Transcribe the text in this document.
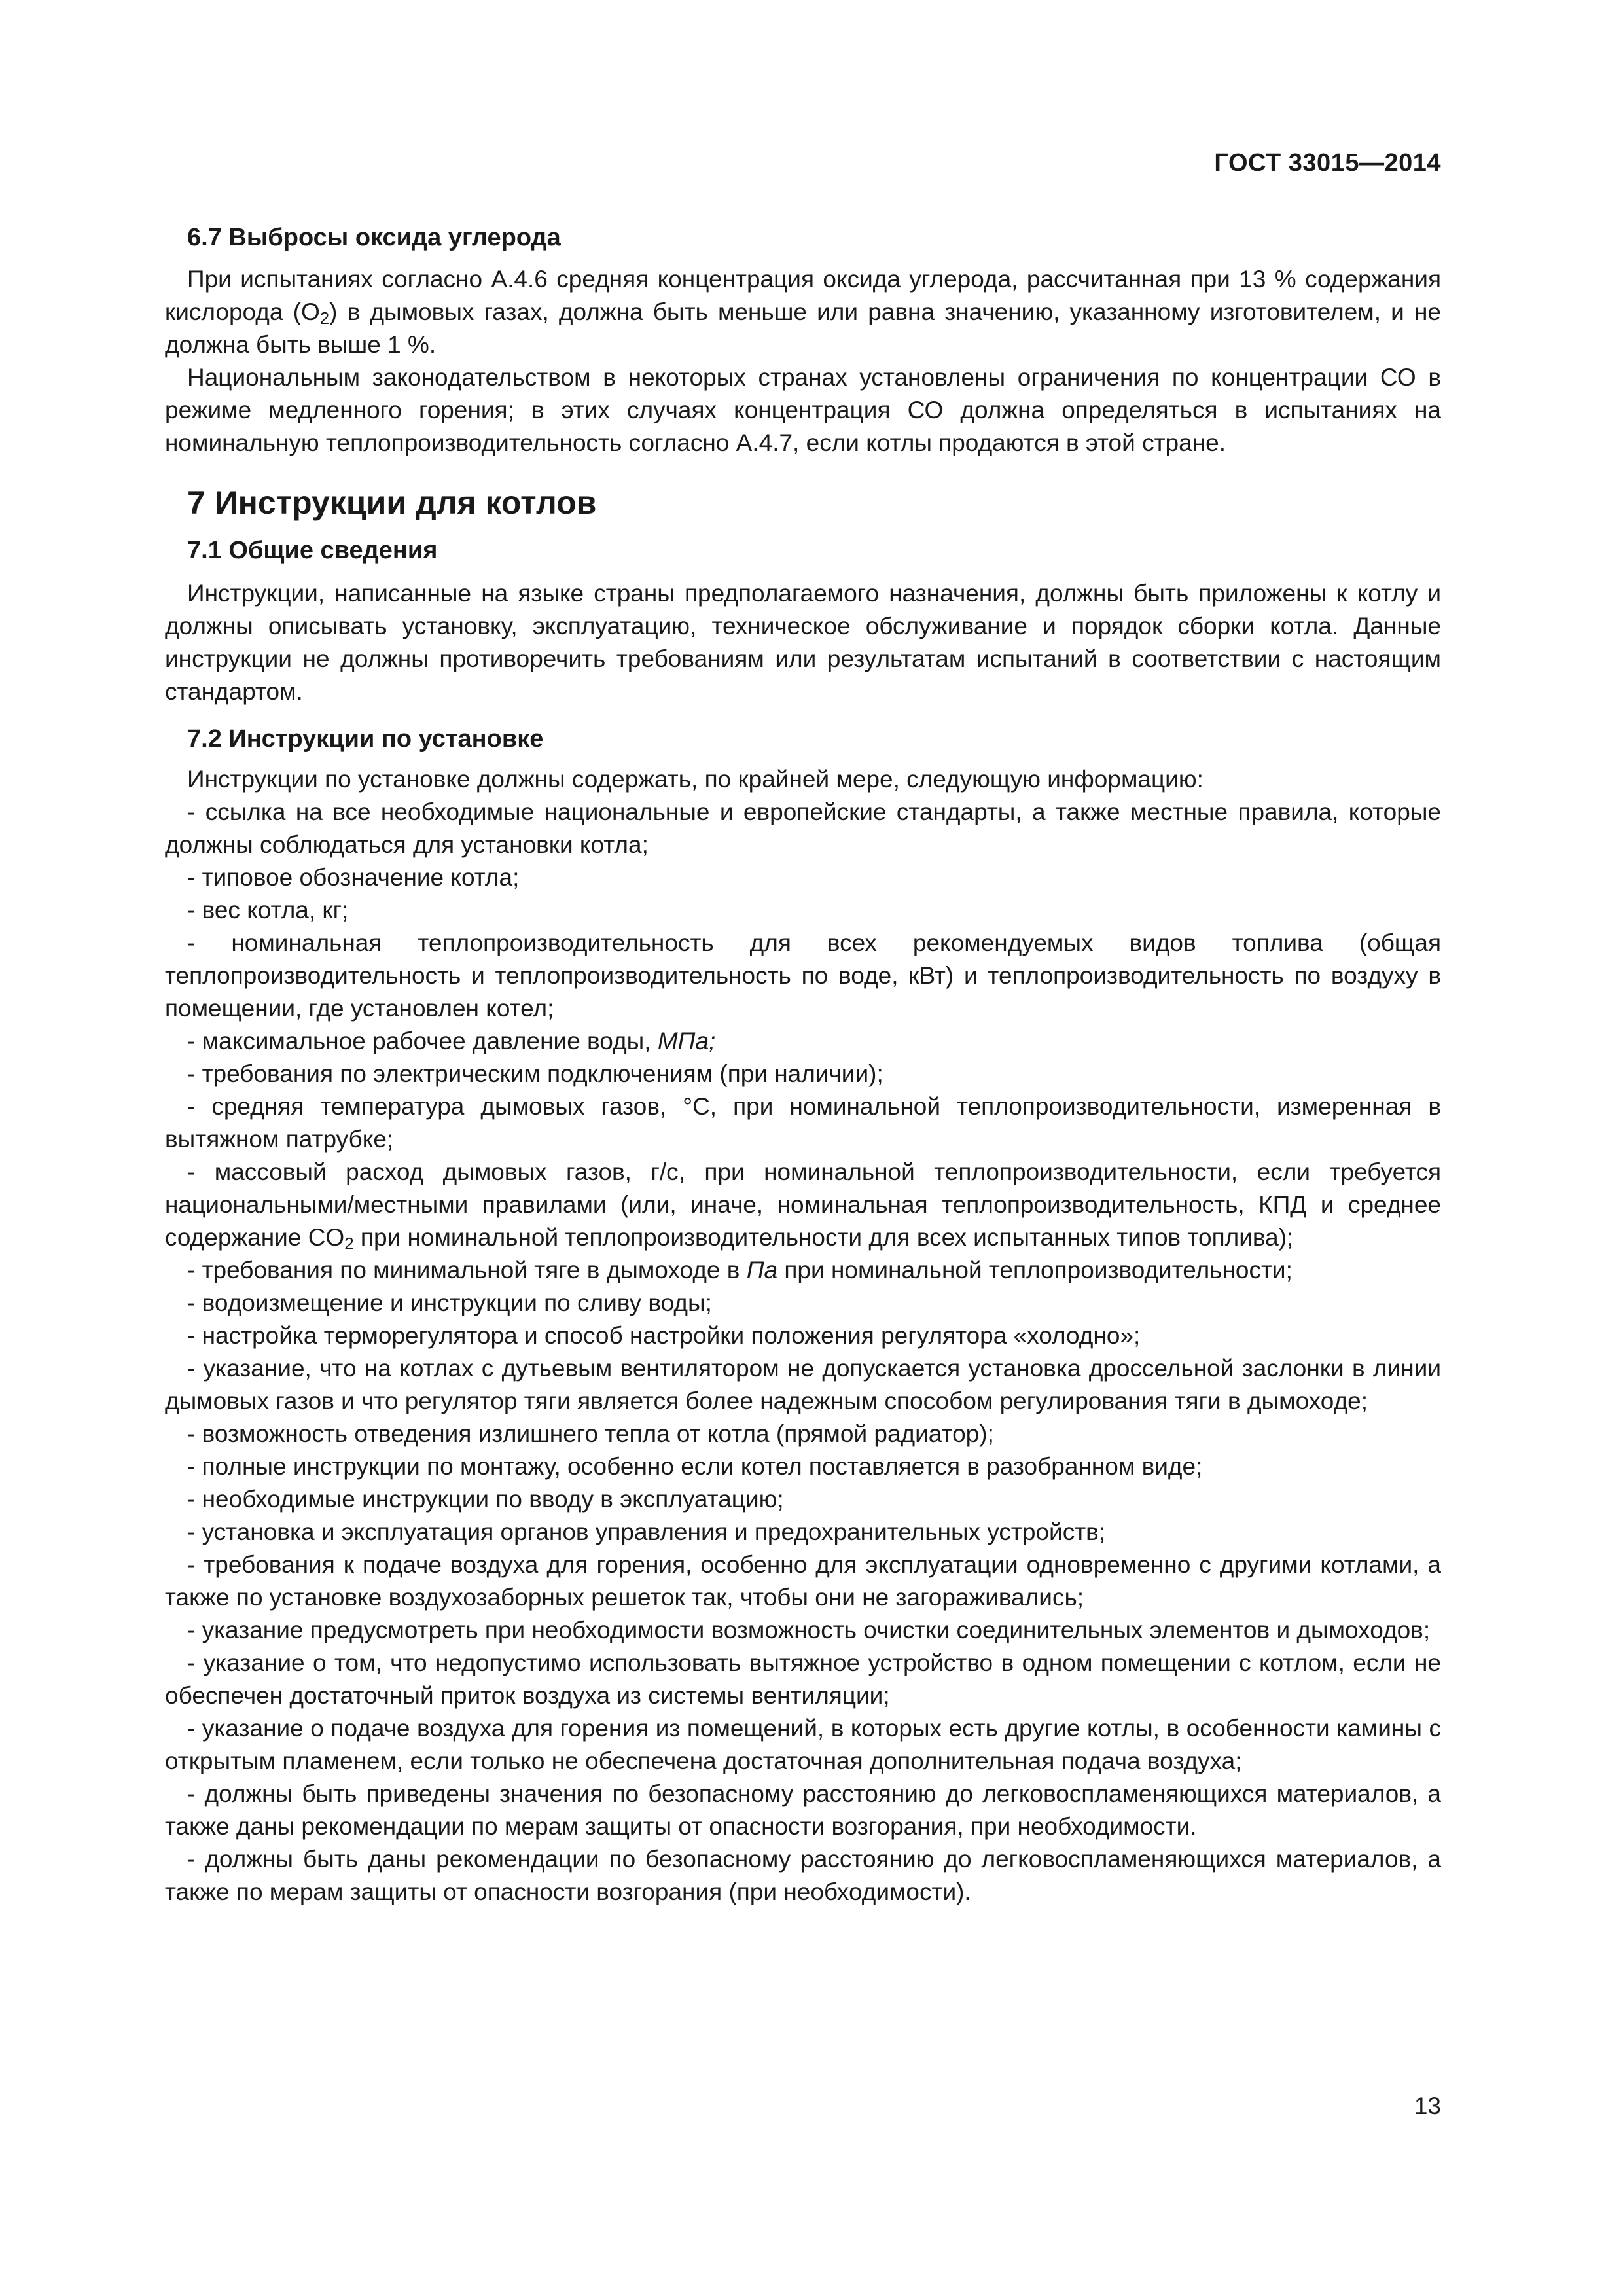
ГОСТ 33015—2014
6.7 Выбросы оксида углерода

При испытаниях согласно А.4.6 средняя концентрация оксида углерода, рассчитанная при 13 % содержания кислорода $(O_2)$ в дымовых газах, должна быть меньше или равна значению, указанному изготовителем, и не должна быть выше 1 %.

Национальным законодательством в некоторых странах установлены ограничения по концентрации СО в режиме медленного горения; в этих случаях концентрация СО должна определяться в испытаниях на номинальную теплопроизводительность согласно А.4.7, если котлы продаются в этой стране.

7 Инструкции для котлов
7.1 Общие сведения

Инструкции, написанные на языке страны предполагаемого назначения, должны быть приложены к котлу и должны описывать установку, эксплуатацию, техническое обслуживание и порядок сборки котла. Данные инструкции не должны противоречить требованиям или результатам испытаний в соответствии с настоящим стандартом.

7.2 Инструкции по установке

Инструкции по установке должны содержать, по крайней мере, следующую информацию:

- ссылка на все необходимые национальные и европейские стандарты, а также местные правила, которые должны соблюдаться для установки котла;

- типовое обозначение котла;

- вес котла, кг;

- номинальная теплопроизводительность для всех рекомендуемых видов топлива (общая теплопроизводительность и теплопроизводительность по воде, кВт) и теплопроизводительность по воздуху в помещении, где установлен котел;

- максимальное рабочее давление воды, МПа;

- требования по электрическим подключениям (при наличии);

- средняя температура дымовых газов, °С, при номинальной теплопроизводительности, измеренная в вытяжном патрубке;

- массовый расход дымовых газов, г/с, при номинальной теплопроизводительности, если требуется национальными/местными правилами (или, иначе, номинальная теплопроизводительность, КПД и среднее содержание $CO_2$ при номинальной теплопроизводительности для всех испытанных типов топлива);

- требования по минимальной тяге в дымоходе в Па при номинальной теплопроизводительности;

- водоизмещение и инструкции по сливу воды;

- настройка терморегулятора и способ настройки положения регулятора «холодно»;

- указание, что на котлах с дутьевым вентилятором не допускается установка дроссельной заслонки в линии дымовых газов и что регулятор тяги является более надежным способом регулирования тяги в дымоходе;

- возможность отведения излишнего тепла от котла (прямой радиатор);

- полные инструкции по монтажу, особенно если котел поставляется в разобранном виде;

- необходимые инструкции по вводу в эксплуатацию;

- установка и эксплуатация органов управления и предохранительных устройств;

- требования к подаче воздуха для горения, особенно для эксплуатации одновременно с другими котлами, а также по установке воздухозаборных решеток так, чтобы они не загораживались;

- указание предусмотреть при необходимости возможность очистки соединительных элементов и дымоходов;

- указание о том, что недопустимо использовать вытяжное устройство в одном помещении с котлом, если не обеспечен достаточный приток воздуха из системы вентиляции;

- указание о подаче воздуха для горения из помещений, в которых есть другие котлы, в особенности камины с открытым пламенем, если только не обеспечена достаточная дополнительная подача воздуха;

- должны быть приведены значения по безопасному расстоянию до легковоспламеняющихся материалов, а также даны рекомендации по мерам защиты от опасности возгорания, при необходимости.

- должны быть даны рекомендации по безопасному расстоянию до легковоспламеняющихся материалов, а также по мерам защиты от опасности возгорания (при необходимости).

13
